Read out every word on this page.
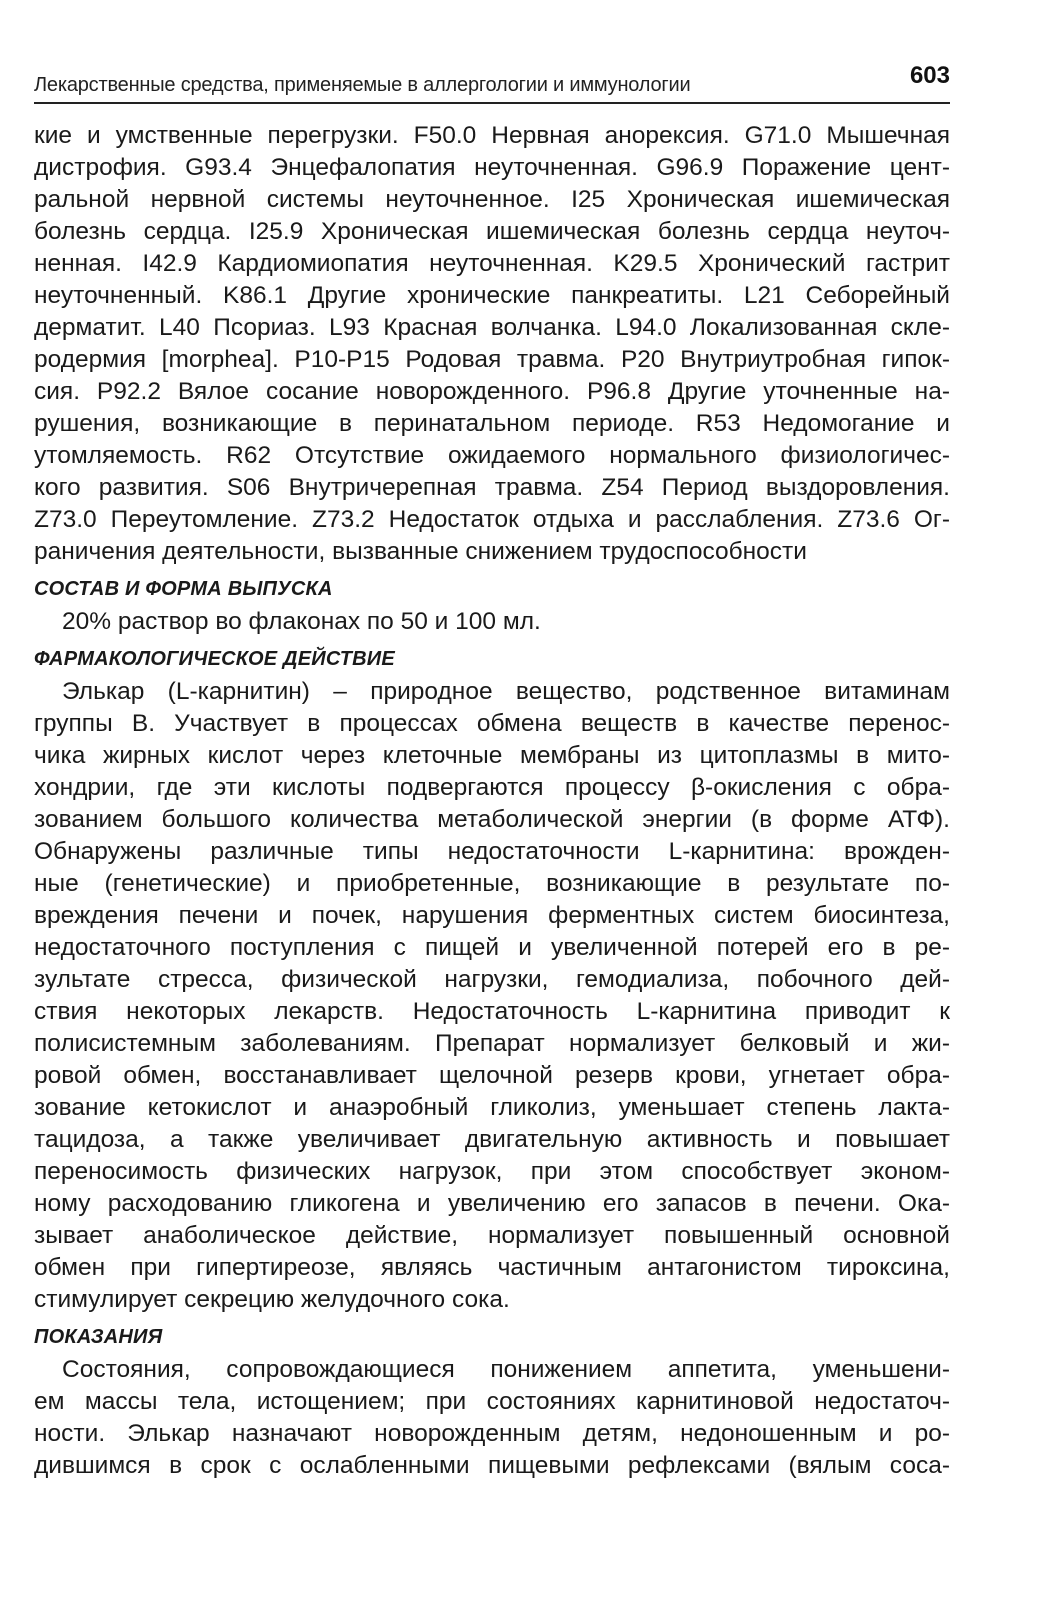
Лекарственные средства, применяемые в аллергологии и иммунологии	603
кие и умственные перегрузки. F50.0 Нервная анорексия. G71.0 Мышечная
дистрофия. G93.4 Энцефалопатия неуточненная. G96.9 Поражение цент-
ральной нервной системы неуточненное. I25 Хроническая ишемическая
болезнь сердца. I25.9 Хроническая ишемическая болезнь сердца неуточ-
ненная. I42.9 Кардиомиопатия неуточненная. K29.5 Хронический гастрит
неуточненный. K86.1 Другие хронические панкреатиты. L21 Себорейный
дерматит. L40 Псориаз. L93 Красная волчанка. L94.0 Локализованная скле-
родермия [morphea]. P10-P15 Родовая травма. P20 Внутриутробная гипок-
сия. P92.2 Вялое сосание новорожденного. P96.8 Другие уточненные на-
рушения, возникающие в перинатальном периоде. R53 Недомогание и
утомляемость. R62 Отсутствие ожидаемого нормального физиологичес-
кого развития. S06 Внутричерепная травма. Z54 Период выздоровления.
Z73.0 Переутомление. Z73.2 Недостаток отдыха и расслабления. Z73.6 Ог-
раничения деятельности, вызванные снижением трудоспособности
СОСТАВ И ФОРМА ВЫПУСКА
20% раствор во флаконах по 50 и 100 мл.
ФАРМАКОЛОГИЧЕСКОЕ ДЕЙСТВИЕ
Элькар (L-карнитин) – природное вещество, родственное витаминам
группы В. Участвует в процессах обмена веществ в качестве перенос-
чика жирных кислот через клеточные мембраны из цитоплазмы в мито-
хондрии, где эти кислоты подвергаются процессу β-окисления с обра-
зованием большого количества метаболической энергии (в форме АТФ).
Обнаружены различные типы недостаточности L-карнитина: врожден-
ные (генетические) и приобретенные, возникающие в результате по-
вреждения печени и почек, нарушения ферментных систем биосинтеза,
недостаточного поступления с пищей и увеличенной потерей его в ре-
зультате стресса, физической нагрузки, гемодиализа, побочного дей-
ствия некоторых лекарств. Недостаточность L-карнитина приводит к
полисистемным заболеваниям. Препарат нормализует белковый и жи-
ровой обмен, восстанавливает щелочной резерв крови, угнетает обра-
зование кетокислот и анаэробный гликолиз, уменьшает степень лакта-
тацидоза, а также увеличивает двигательную активность и повышает
переносимость физических нагрузок, при этом способствует эконом-
ному расходованию гликогена и увеличению его запасов в печени. Ока-
зывает анаболическое действие, нормализует повышенный основной
обмен при гипертиреозе, являясь частичным антагонистом тироксина,
стимулирует секрецию желудочного сока.
ПОКАЗАНИЯ
Состояния, сопровождающиеся понижением аппетита, уменьшени-
ем массы тела, истощением; при состояниях карнитиновой недостаточ-
ности. Элькар назначают новорожденным детям, недоношенным и ро-
дившимся в срок с ослабленными пищевыми рефлексами (вялым соса-
